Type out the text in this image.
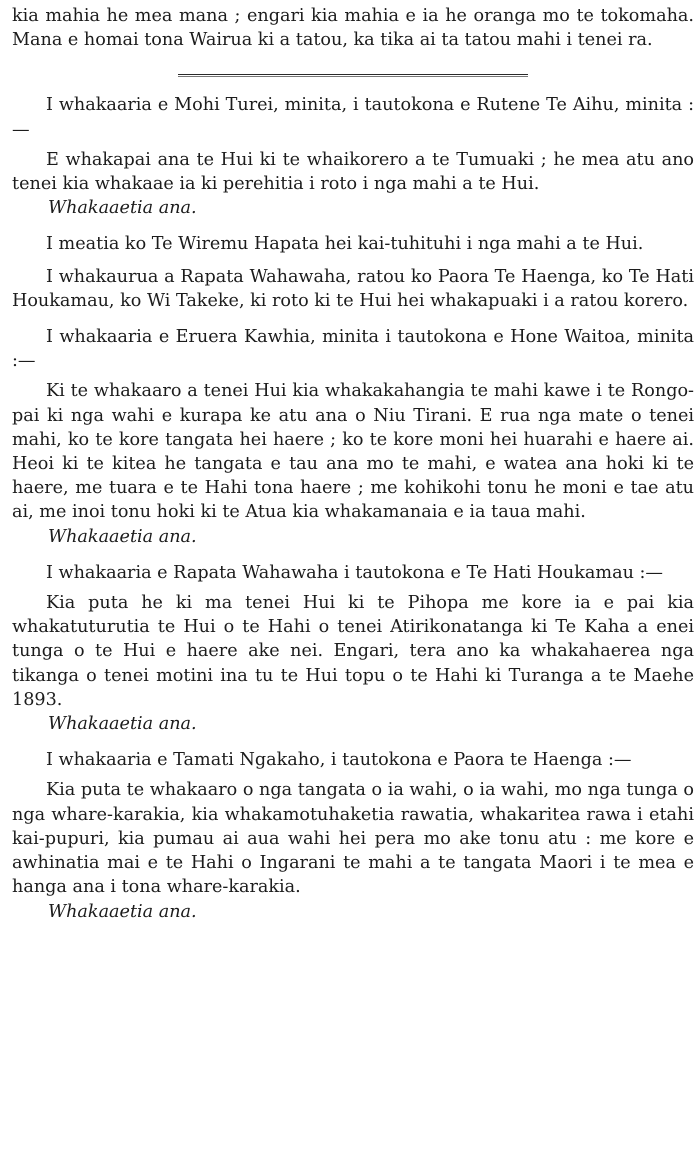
kia mahia he mea mana ; engari kia mahia e ia he oranga mo te tokomaha. Mana e homai tona Wairua ki a tatou, ka tika ai ta tatou mahi i tenei ra.

I whakaaria e Mohi Turei, minita, i tautokona e Rutene Te Aihu, minita :—

E whakapai ana te Hui ki te whaikorero a te Tumuaki ; he mea atu ano tenei kia whakaae ia ki perehitia i roto i nga mahi a te Hui.

Whakaaetia ana.

I meatia ko Te Wiremu Hapata hei kai-tuhituhi i nga mahi a te Hui.

I whakaurua a Rapata Wahawaha, ratou ko Paora Te Haenga, ko Te Hati Houkamau, ko Wi Takeke, ki roto ki te Hui hei whakapuaki i a ratou korero.

I whakaaria e Eruera Kawhia, minita i tautokona e Hone Waitoa, minita :—

Ki te whakaaro a tenei Hui kia whakakahangia te mahi kawe i te Rongo-pai ki nga wahi e kurapa ke atu ana o Niu Tirani. E rua nga mate o tenei mahi, ko te kore tangata hei haere ; ko te kore moni hei huarahi e haere ai. Heoi ki te kitea he tangata e tau ana mo te mahi, e watea ana hoki ki te haere, me tuara e te Hahi tona haere ; me kohikohi tonu he moni e tae atu ai, me inoi tonu hoki ki te Atua kia whakamanaia e ia taua mahi.

Whakaaetia ana.

I whakaaria e Rapata Wahawaha i tautokona e Te Hati Houkamau :—

Kia puta he ki ma tenei Hui ki te Pihopa me kore ia e pai kia whakatuturutia te Hui o te Hahi o tenei Atirikonatanga ki Te Kaha a enei tunga o te Hui e haere ake nei. Engari, tera ano ka whakahaerea nga tikanga o tenei motini ina tu te Hui topu o te Hahi ki Turanga a te Maehe 1893.

Whakaaetia ana.

I whakaaria e Tamati Ngakaho, i tautokona e Paora te Haenga :—

Kia puta te whakaaro o nga tangata o ia wahi, o ia wahi, mo nga tunga o nga whare-karakia, kia whakamotuhaketia rawatia, whakaritea rawa i etahi kai-pupuri, kia pumau ai aua wahi hei pera mo ake tonu atu : me kore e awhinatia mai e te Hahi o Ingarani te mahi a te tangata Maori i te mea e hanga ana i tona whare-karakia.

Whakaaetia ana.
